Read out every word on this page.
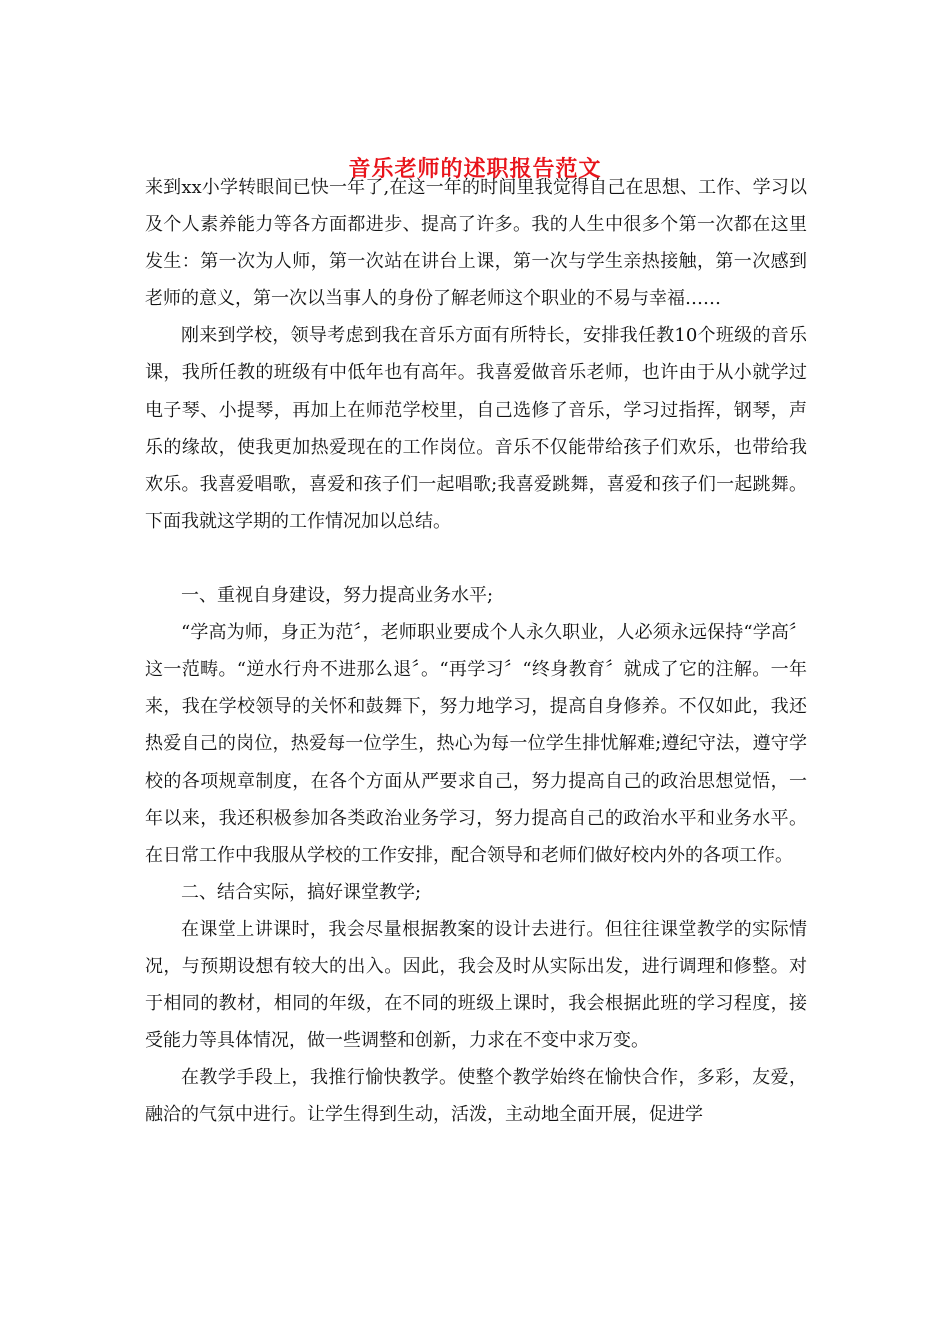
音乐老师的述职报告范文

来到xx小学转眼间已快一年了,在这一年的时间里我觉得自己在思想、工作、学习以及个人素养能力等各方面都进步、提高了许多。我的人生中很多个第一次都在这里发生：第一次为人师，第一次站在讲台上课，第一次与学生亲热接触，第一次感到老师的意义，第一次以当事人的身份了解老师这个职业的不易与幸福……

刚来到学校，领导考虑到我在音乐方面有所特长，安排我任教10个班级的音乐课，我所任教的班级有中低年也有高年。我喜爱做音乐老师，也许由于从小就学过电子琴、小提琴，再加上在师范学校里，自己选修了音乐，学习过指挥，钢琴，声乐的缘故，使我更加热爱现在的工作岗位。音乐不仅能带给孩子们欢乐，也带给我欢乐。我喜爱唱歌，喜爱和孩子们一起唱歌;我喜爱跳舞，喜爱和孩子们一起跳舞。下面我就这学期的工作情况加以总结。

一、重视自身建设，努力提高业务水平;

“学高为师，身正为范〞，老师职业要成个人永久职业，人必须永远保持“学高〞这一范畴。“逆水行舟不进那么退〞。“再学习〞“终身教育〞就成了它的注解。一年来，我在学校领导的关怀和鼓舞下，努力地学习，提高自身修养。不仅如此，我还热爱自己的岗位，热爱每一位学生，热心为每一位学生排忧解难;遵纪守法，遵守学校的各项规章制度，在各个方面从严要求自己，努力提高自己的政治思想觉悟，一年以来，我还积极参加各类政治业务学习，努力提高自己的政治水平和业务水平。在日常工作中我服从学校的工作安排，配合领导和老师们做好校内外的各项工作。

二、结合实际，搞好课堂教学;

在课堂上讲课时，我会尽量根据教案的设计去进行。但往往课堂教学的实际情况，与预期设想有较大的出入。因此，我会及时从实际出发，进行调理和修整。对于相同的教材，相同的年级，在不同的班级上课时，我会根据此班的学习程度，接受能力等具体情况，做一些调整和创新，力求在不变中求万变。

在教学手段上，我推行愉快教学。使整个教学始终在愉快合作，多彩，友爱，融洽的气氛中进行。让学生得到生动，活泼，主动地全面开展，促进学
